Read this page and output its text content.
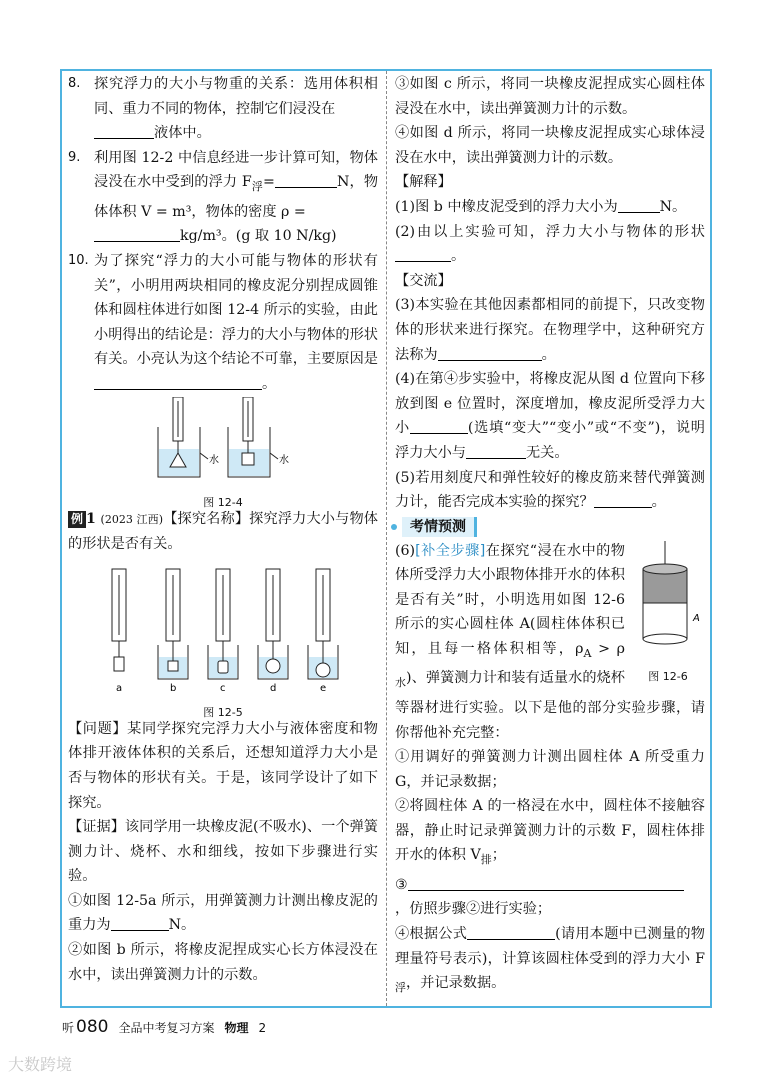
8. 探究浮力的大小与物重的关系：选用体积相同、重力不同的物体，控制它们浸没在
液体中。
9. 利用图 12-2 中信息经进一步计算可知，物体浸没在水中受到的浮力 $F_浮=$	N，物体体积 V = m³，物体的密度 ρ =
kg/m³。(g 取 10 N/kg)
10. 为了探究“浮力的大小可能与物体的形状有关”，小明用两块相同的橡皮泥分别捏成圆锥体和圆柱体进行如图 12-4 所示的实验，由此小明得出的结论是：浮力的大小与物体的形状有关。小亮认为这个结论不可靠，主要原因是。
水	水
图 12-4
例 1 (2023 江西)【探究名称】探究浮力大小与物体的形状是否有关。
a	b	c	d	e
图 12-5
【问题】某同学探究完浮力大小与液体密度和物体排开液体体积的关系后，还想知道浮力大小是否与物体的形状有关。于是，该同学设计了如下探究。
【证据】该同学用一块橡皮泥(不吸水)、一个弹簧测力计、烧杯、水和细线，按如下步骤进行实验。
①如图 12-5a 所示，用弹簧测力计测出橡皮泥的重力为	N。
②如图 b 所示，将橡皮泥捏成实心长方体浸没在水中，读出弹簧测力计的示数。
③如图 c 所示，将同一块橡皮泥捏成实心圆柱体浸没在水中，读出弹簧测力计的示数。
④如图 d 所示，将同一块橡皮泥捏成实心球体浸没在水中，读出弹簧测力计的示数。
【解释】
(1)图 b 中橡皮泥受到的浮力大小为	N。
(2)由以上实验可知，浮力大小与物体的形状。
【交流】
(3)本实验在其他因素都相同的前提下，只改变物体的形状来进行探究。在物理学中，这种研究方法称为	。
(4)在第④步实验中，将橡皮泥从图 d 位置向下移放到图 e 位置时，深度增加，橡皮泥所受浮力大小	(选填“变大”“变小”或“不变”)，说明浮力大小与	无关。
(5)若用刻度尺和弹性较好的橡皮筋来替代弹簧测力计，能否完成本实验的探究？	。
考情预测
A
图 12-6
(6)[补全步骤]在探究“浸在水中的物体所受浮力大小跟物体排开水的体积是否有关”时，小明选用如图 12-6 所示的实心圆柱体 A(圆柱体体积已知，且每一格体积相等，$\rho_A > \rho_水$)、弹簧测力计和装有适量水的烧杯等器材进行实验。以下是他的部分实验步骤，请你帮他补充完整：
①用调好的弹簧测力计测出圆柱体 A 所受重力 G，并记录数据；
②将圆柱体 A 的一格浸在水中，圆柱体不接触容器，静止时记录弹簧测力计的示数 F，圆柱体排开水的体积 $V_排$；
③
，仿照步骤②进行实验；
④根据公式	(请用本题中已测量的物理量符号表示)，计算该圆柱体受到的浮力大小 $F_浮$，并记录数据。
听 080 全品中考复习方案 物理 2
大数跨境
